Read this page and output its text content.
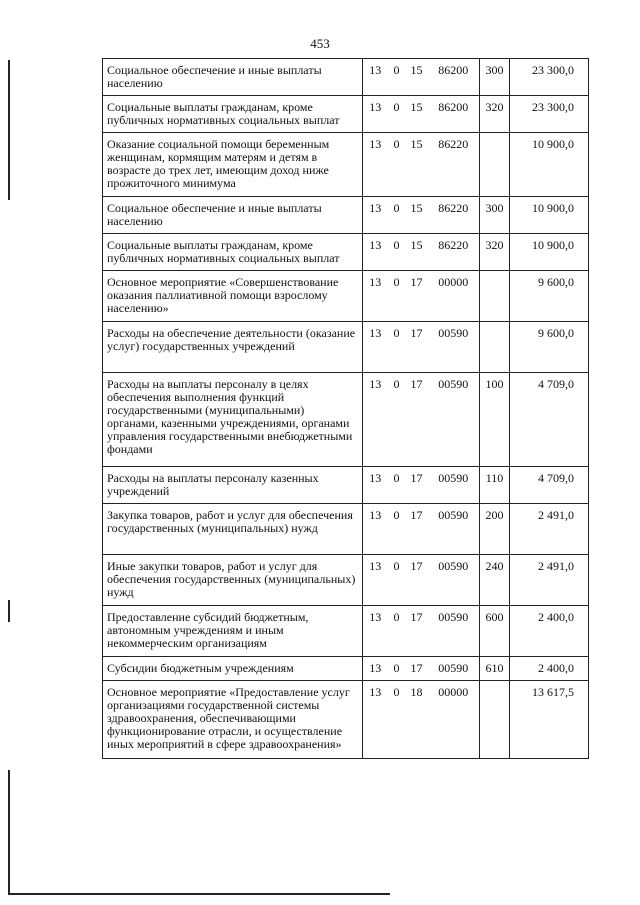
453
Социальное обеспечение и иные выплаты населению	13	0	15	86200	300	23 300,0
Социальные выплаты гражданам, кроме публичных нормативных социальных выплат	13	0	15	86200	320	23 300,0
Оказание социальной помощи беременным женщинам, кормящим матерям и детям в возрасте до трех лет, имеющим доход ниже прожиточного минимума	13	0	15	86220		10 900,0
Социальное обеспечение и иные выплаты населению	13	0	15	86220	300	10 900,0
Социальные выплаты гражданам, кроме публичных нормативных социальных выплат	13	0	15	86220	320	10 900,0
Основное мероприятие «Совершенствование оказания паллиативной помощи взрослому населению»	13	0	17	00000		9 600,0
Расходы на обеспечение деятельности (оказание услуг) государственных учреждений	13	0	17	00590		9 600,0
Расходы на выплаты персоналу в целях обеспечения выполнения функций государственными (муниципальными) органами, казенными учреждениями, органами управления государственными внебюджетными фондами	13	0	17	00590	100	4 709,0
Расходы на выплаты персоналу казенных учреждений	13	0	17	00590	110	4 709,0
Закупка товаров, работ и услуг для обеспечения государственных (муниципальных) нужд	13	0	17	00590	200	2 491,0
Иные закупки товаров, работ и услуг для обеспечения государственных (муниципальных) нужд	13	0	17	00590	240	2 491,0
Предоставление субсидий бюджетным, автономным учреждениям и иным некоммерческим организациям	13	0	17	00590	600	2 400,0
Субсидии бюджетным учреждениям	13	0	17	00590	610	2 400,0
Основное мероприятие «Предоставление услуг организациями государственной системы здравоохранения, обеспечивающими функционирование отрасли, и осуществление иных мероприятий в сфере здравоохранения»	13	0	18	00000		13 617,5
